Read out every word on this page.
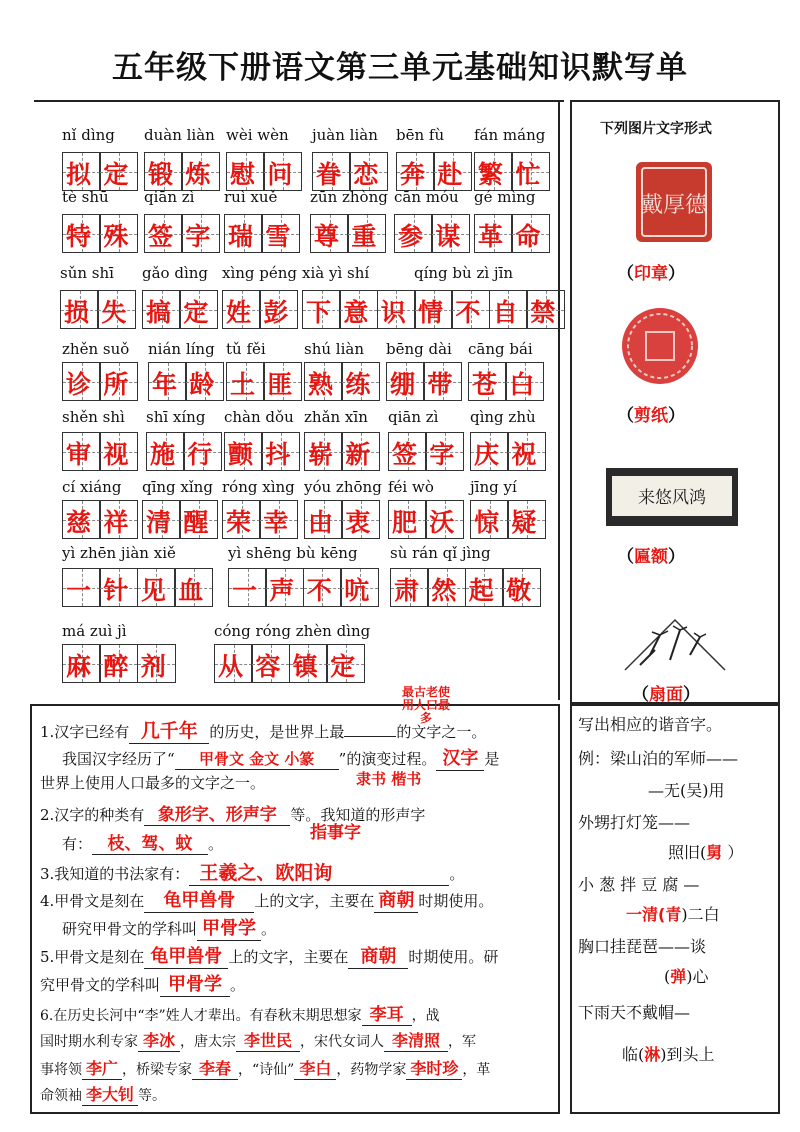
五年级下册语文第三单元基础知识默写单
nǐ dìng
拟定
duàn liàn
锻炼
wèi wèn
慰问
juàn liàn
眷恋
bēn fù
奔赴
fán máng
繁忙
tè shū
特殊
qiān zì
签字
ruì xuě
瑞雪
zūn zhòng
尊重
cān móu
参谋
gé mìng
革命
sǔn shī
损失
gǎo dìng
搞定
xìng péng
姓彭
xià yì shí
下意识
qíng bù zì jīn
情不自禁
zhěn suǒ
诊所
nián líng
年龄
tǔ fěi
土匪
shú liàn
熟练
bēng dài
绷带
cāng bái
苍白
shěn shì
审视
shī xíng
施行
chàn dǒu
颤抖
zhǎn xīn
崭新
qiān zì
签字
qìng zhù
庆祝
cí xiáng
慈祥
qīng xǐng
清醒
róng xìng
荣幸
yóu zhōng
由衷
féi wò
肥沃
jīng yí
惊疑
yì zhēn jiàn xiě
一针见血
yì shēng bù kēng
一声不吭
sù rán qǐ jìng
肃然起敬
má zuì jì
麻醉剂
cóng róng zhèn dìng
从容镇定
下列图片文字形式
戴厚德
（印章）
（剪纸）
来悠风鸿
（匾额）
（扇面）
1.汉字已经有 几千年 的历史，是世界上最	的文字之一。
最古老使用人口最多
我国汉字经历了“ 甲骨文 金文 小篆 ”的演变过程。 汉字 是
世界上使用人口最多的文字之一。	隶书 楷书
2.汉字的种类有 象形字、形声字 等。我知道的形声字
有： 枝、驾、蚊 。
指事字
3.我知道的书法家有： 王羲之、欧阳询	。
4.甲骨文是刻在 龟甲兽骨 上的文字，主要在 商朝 时期使用。
研究甲骨文的学科叫 甲骨学 。
5.甲骨文是刻在 龟甲兽骨 上的文字，主要在 商朝 时期使用。研
究甲骨文的学科叫 甲骨学 。
6.在历史长河中“李”姓人才辈出。有春秋末期思想家 李耳 ，战
国时期水利专家 李冰 ，唐太宗 李世民 ，宋代女词人 李清照 ，军
事将领 李广 ，桥梁专家 李春 ，“诗仙” 李白 ，药物学家 李时珍 ，革
命领袖 李大钊 等。
写出相应的谐音字。
例：梁山泊的军师——
—无(吴)用
外甥打灯笼——
照旧(舅 ）
小 葱 拌 豆 腐 —
一清(青)二白
胸口挂琵琶——谈
(弹)心
下雨天不戴帽—
临(淋)到头上
